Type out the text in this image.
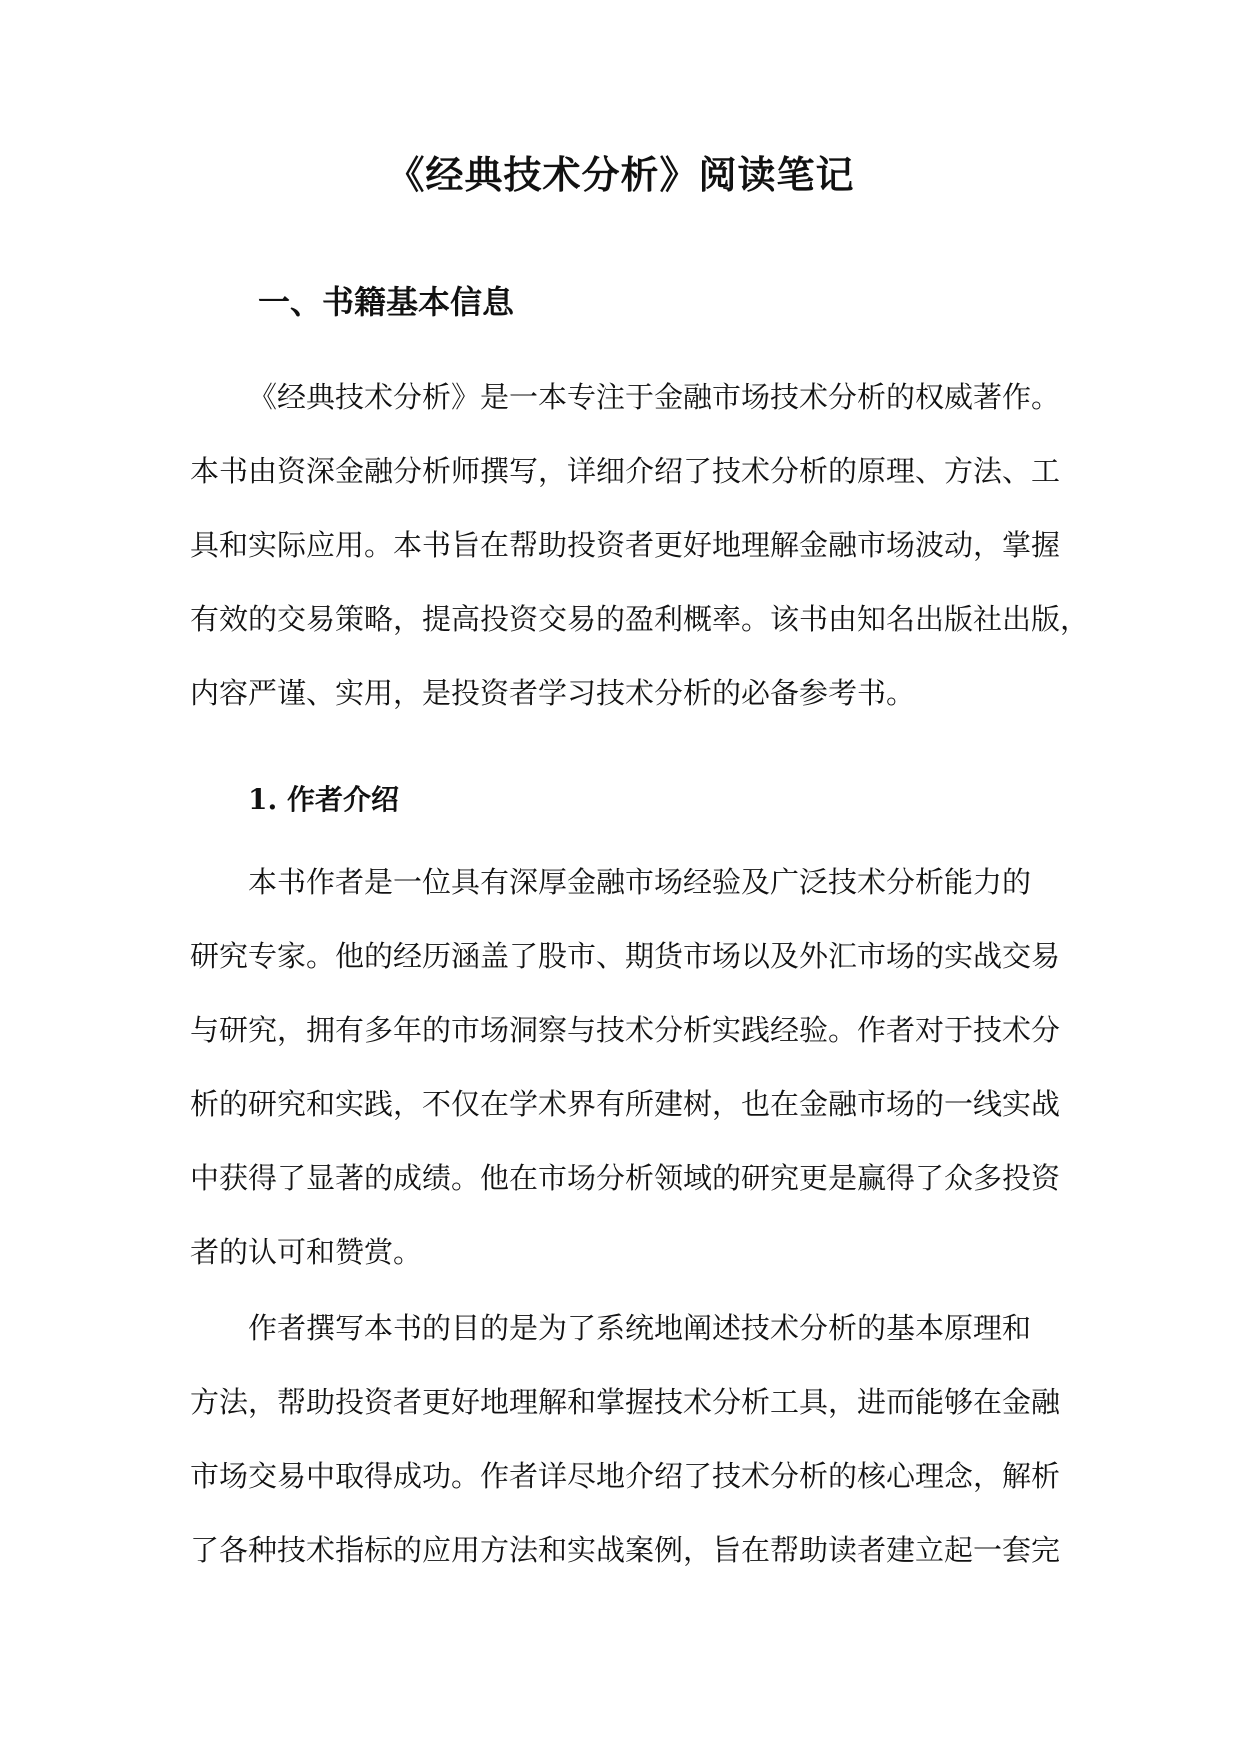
《经典技术分析》阅读笔记
一、书籍基本信息

《经典技术分析》是一本专注于金融市场技术分析的权威著作。
本书由资深金融分析师撰写，详细介绍了技术分析的原理、方法、工
具和实际应用。本书旨在帮助投资者更好地理解金融市场波动，掌握
有效的交易策略，提高投资交易的盈利概率。该书由知名出版社出版，
内容严谨、实用，是投资者学习技术分析的必备参考书。

1. 作者介绍

本书作者是一位具有深厚金融市场经验及广泛技术分析能力的
研究专家。他的经历涵盖了股市、期货市场以及外汇市场的实战交易
与研究，拥有多年的市场洞察与技术分析实践经验。作者对于技术分
析的研究和实践，不仅在学术界有所建树，也在金融市场的一线实战
中获得了显著的成绩。他在市场分析领域的研究更是赢得了众多投资
者的认可和赞赏。

作者撰写本书的目的是为了系统地阐述技术分析的基本原理和
方法，帮助投资者更好地理解和掌握技术分析工具，进而能够在金融
市场交易中取得成功。作者详尽地介绍了技术分析的核心理念，解析
了各种技术指标的应用方法和实战案例，旨在帮助读者建立起一套完
